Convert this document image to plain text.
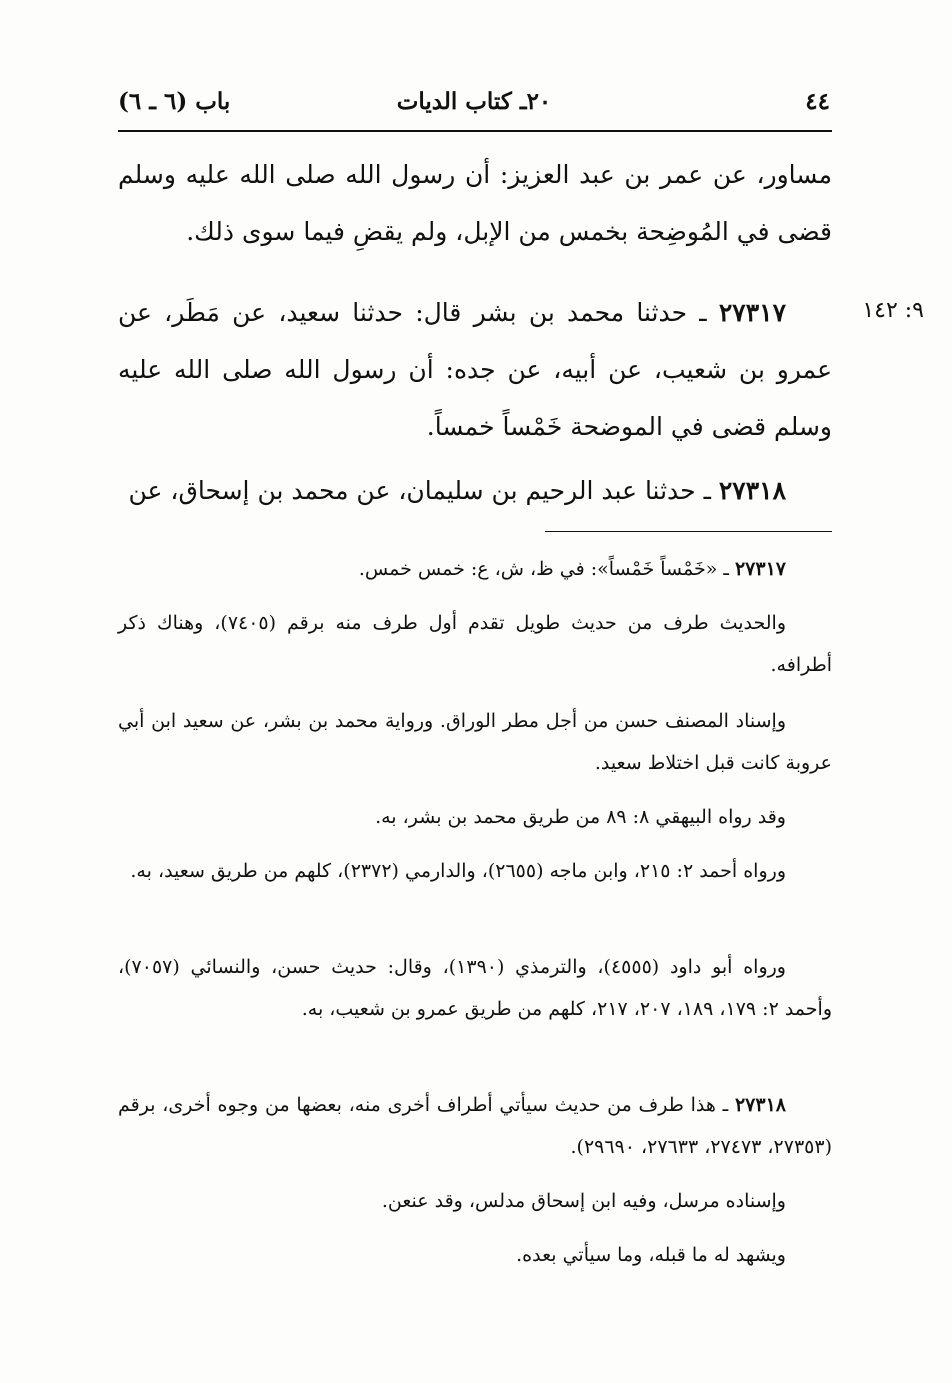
٤٤
٢٠ـ كتاب الديات
باب (٦ ـ ٦)

مساور، عن عمر بن عبد العزيز: أن رسول الله صلى الله عليه وسلم قضى في المُوضِحة بخمس من الإبل، ولم يقضِ فيما سوى ذلك.

٩: ١٤٢

٢٧٣١٧ ـ حدثنا محمد بن بشر قال: حدثنا سعيد، عن مَطَر، عن عمرو بن شعيب، عن أبيه، عن جده: أن رسول الله صلى الله عليه وسلم قضى في الموضحة خَمْساً خمساً.

٢٧٣١٨ ـ حدثنا عبد الرحيم بن سليمان، عن محمد بن إسحاق، عن

٢٧٣١٧ ـ «خَمْساً خَمْساً»: في ظ، ش، ع: خمس خمس.

والحديث طرف من حديث طويل تقدم أول طرف منه برقم (٧٤٠٥)، وهناك ذكر أطرافه.

وإسناد المصنف حسن من أجل مطر الوراق. ورواية محمد بن بشر، عن سعيد ابن أبي عروبة كانت قبل اختلاط سعيد.

وقد رواه البيهقي ٨: ٨٩ من طريق محمد بن بشر، به.

ورواه أحمد ٢: ٢١٥، وابن ماجه (٢٦٥٥)، والدارمي (٢٣٧٢)، كلهم من طريق سعيد، به.

ورواه أبو داود (٤٥٥٥)، والترمذي (١٣٩٠)، وقال: حديث حسن، والنسائي (٧٠٥٧)، وأحمد ٢: ١٧٩، ١٨٩، ٢٠٧، ٢١٧، كلهم من طريق عمرو بن شعيب، به.

٢٧٣١٨ ـ هذا طرف من حديث سيأتي أطراف أخرى منه، بعضها من وجوه أخرى، برقم (٢٧٣٥٣، ٢٧٤٧٣، ٢٧٦٣٣، ٢٩٦٩٠).

وإسناده مرسل، وفيه ابن إسحاق مدلس، وقد عنعن.

ويشهد له ما قبله، وما سيأتي بعده.
